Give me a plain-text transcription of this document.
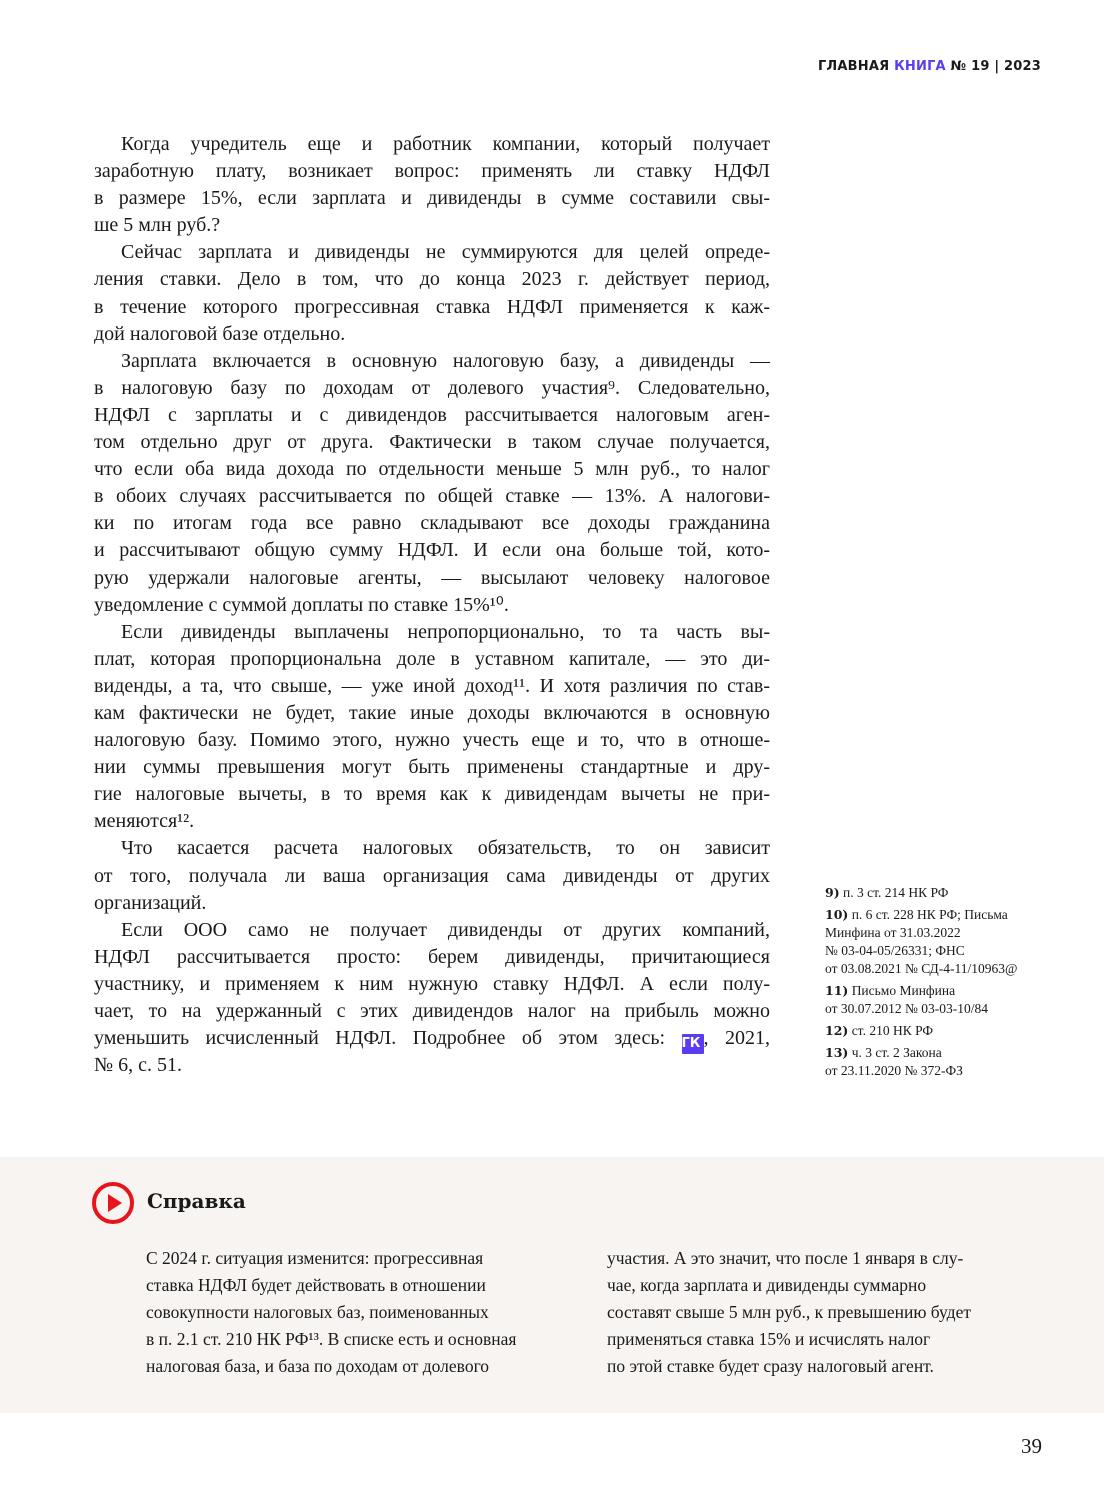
ГЛАВНАЯ КНИГА № 19 | 2023
Когда учредитель еще и работник компании, который получает
заработную плату, возникает вопрос: применять ли ставку НДФЛ
в размере 15%, если зарплата и дивиденды в сумме составили свы-
ше 5 млн руб.?
Сейчас зарплата и дивиденды не суммируются для целей опреде-
ления ставки. Дело в том, что до конца 2023 г. действует период,
в течение которого прогрессивная ставка НДФЛ применяется к каж-
дой налоговой базе отдельно.
Зарплата включается в основную налоговую базу, а дивиденды —
в налоговую базу по доходам от долевого участия⁹. Следовательно,
НДФЛ с зарплаты и с дивидендов рассчитывается налоговым аген-
том отдельно друг от друга. Фактически в таком случае получается,
что если оба вида дохода по отдельности меньше 5 млн руб., то налог
в обоих случаях рассчитывается по общей ставке — 13%. А налогови-
ки по итогам года все равно складывают все доходы гражданина
и рассчитывают общую сумму НДФЛ. И если она больше той, кото-
рую удержали налоговые агенты, — высылают человеку налоговое
уведомление с суммой доплаты по ставке 15%¹⁰.
Если дивиденды выплачены непропорционально, то та часть вы-
плат, которая пропорциональна доле в уставном капитале, — это ди-
виденды, а та, что свыше, — уже иной доход¹¹. И хотя различия по став-
кам фактически не будет, такие иные доходы включаются в основную
налоговую базу. Помимо этого, нужно учесть еще и то, что в отноше-
нии суммы превышения могут быть применены стандартные и дру-
гие налоговые вычеты, в то время как к дивидендам вычеты не при-
меняются¹².
Что касается расчета налоговых обязательств, то он зависит
от того, получала ли ваша организация сама дивиденды от других
организаций.
Если ООО само не получает дивиденды от других компаний,
НДФЛ рассчитывается просто: берем дивиденды, причитающиеся
участнику, и применяем к ним нужную ставку НДФЛ. А если полу-
чает, то на удержанный с этих дивидендов налог на прибыль можно
уменьшить исчисленный НДФЛ. Подробнее об этом здесь: ГК , 2021,
№ 6, с. 51.
9) п. 3 ст. 214 НК РФ
10) п. 6 ст. 228 НК РФ; Письма
Минфина от 31.03.2022
№ 03-04-05/26331; ФНС
от 03.08.2021 № СД-4-11/10963@
11) Письмо Минфина
от 30.07.2012 № 03-03-10/84
12) ст. 210 НК РФ
13) ч. 3 ст. 2 Закона
от 23.11.2020 № 372-ФЗ
Справка
С 2024 г. ситуация изменится: прогрессивная
ставка НДФЛ будет действовать в отношении
совокупности налоговых баз, поименованных
в п. 2.1 ст. 210 НК РФ¹³. В списке есть и основная
налоговая база, и база по доходам от долевого
участия. А это значит, что после 1 января в слу-
чае, когда зарплата и дивиденды суммарно
составят свыше 5 млн руб., к превышению будет
применяться ставка 15% и исчислять налог
по этой ставке будет сразу налоговый агент.
39
